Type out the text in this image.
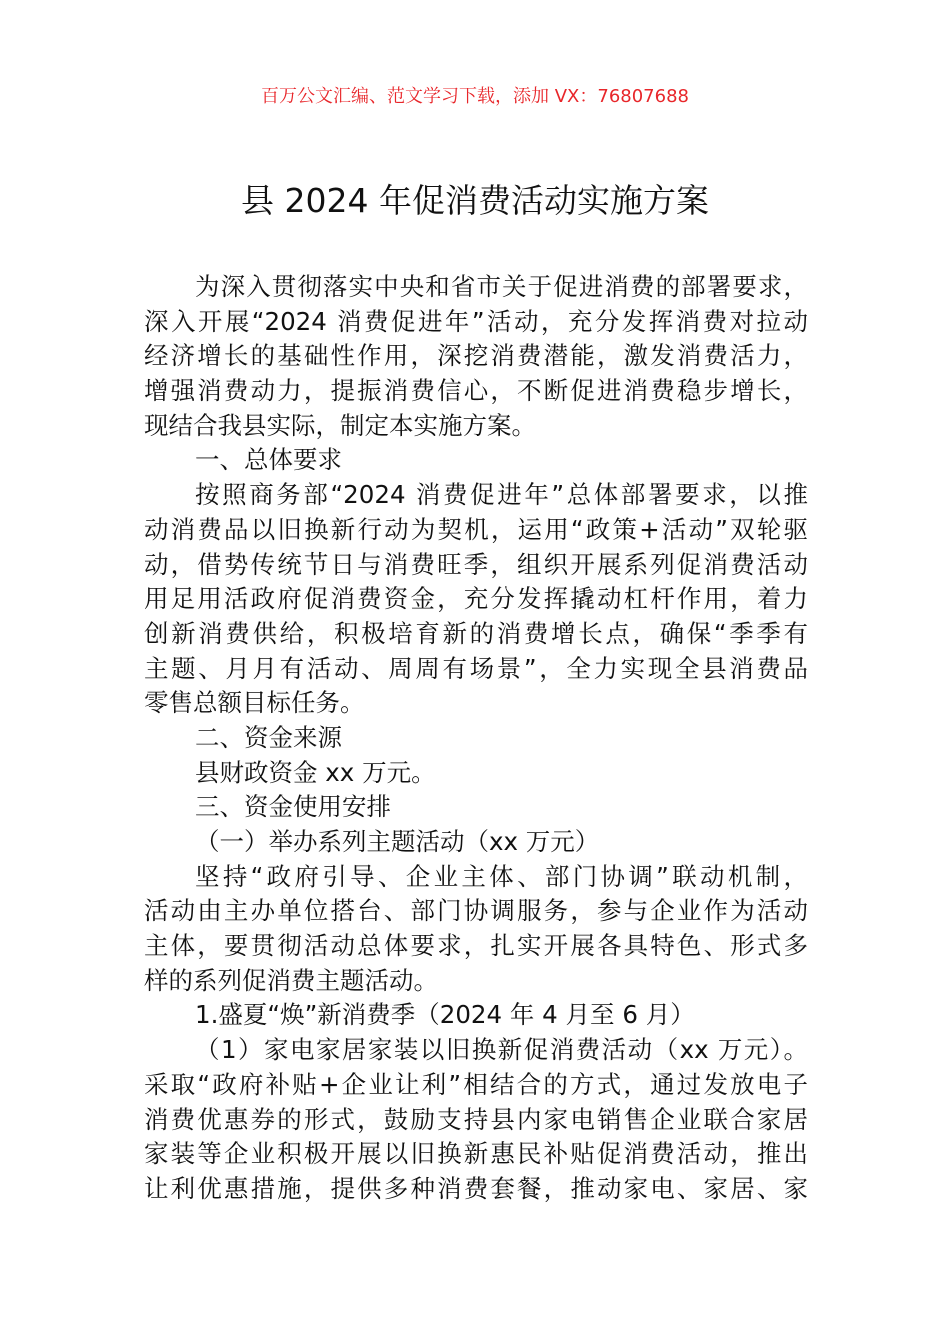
百万公文汇编、范文学习下载，添加 VX：76807688
县 2024 年促消费活动实施方案
为深入贯彻落实中央和省市关于促进消费的部署要求，
深入开展“2024 消费促进年”活动，充分发挥消费对拉动
经济增长的基础性作用，深挖消费潜能，激发消费活力，
增强消费动力，提振消费信心，不断促进消费稳步增长，
现结合我县实际，制定本实施方案。
一、总体要求
按照商务部“2024 消费促进年”总体部署要求，以推
动消费品以旧换新行动为契机，运用“政策+活动”双轮驱
动，借势传统节日与消费旺季，组织开展系列促消费活动
用足用活政府促消费资金，充分发挥撬动杠杆作用，着力
创新消费供给，积极培育新的消费增长点，确保“季季有
主题、月月有活动、周周有场景”，全力实现全县消费品
零售总额目标任务。
二、资金来源
县财政资金 xx 万元。
三、资金使用安排
（一）举办系列主题活动（xx 万元）
坚持“政府引导、企业主体、部门协调”联动机制，
活动由主办单位搭台、部门协调服务，参与企业作为活动
主体，要贯彻活动总体要求，扎实开展各具特色、形式多
样的系列促消费主题活动。
1.盛夏“焕”新消费季（2024 年 4 月至 6 月）
（1）家电家居家装以旧换新促消费活动（xx 万元）。
采取“政府补贴+企业让利”相结合的方式，通过发放电子
消费优惠券的形式，鼓励支持县内家电销售企业联合家居
家装等企业积极开展以旧换新惠民补贴促消费活动，推出
让利优惠措施，提供多种消费套餐，推动家电、家居、家
